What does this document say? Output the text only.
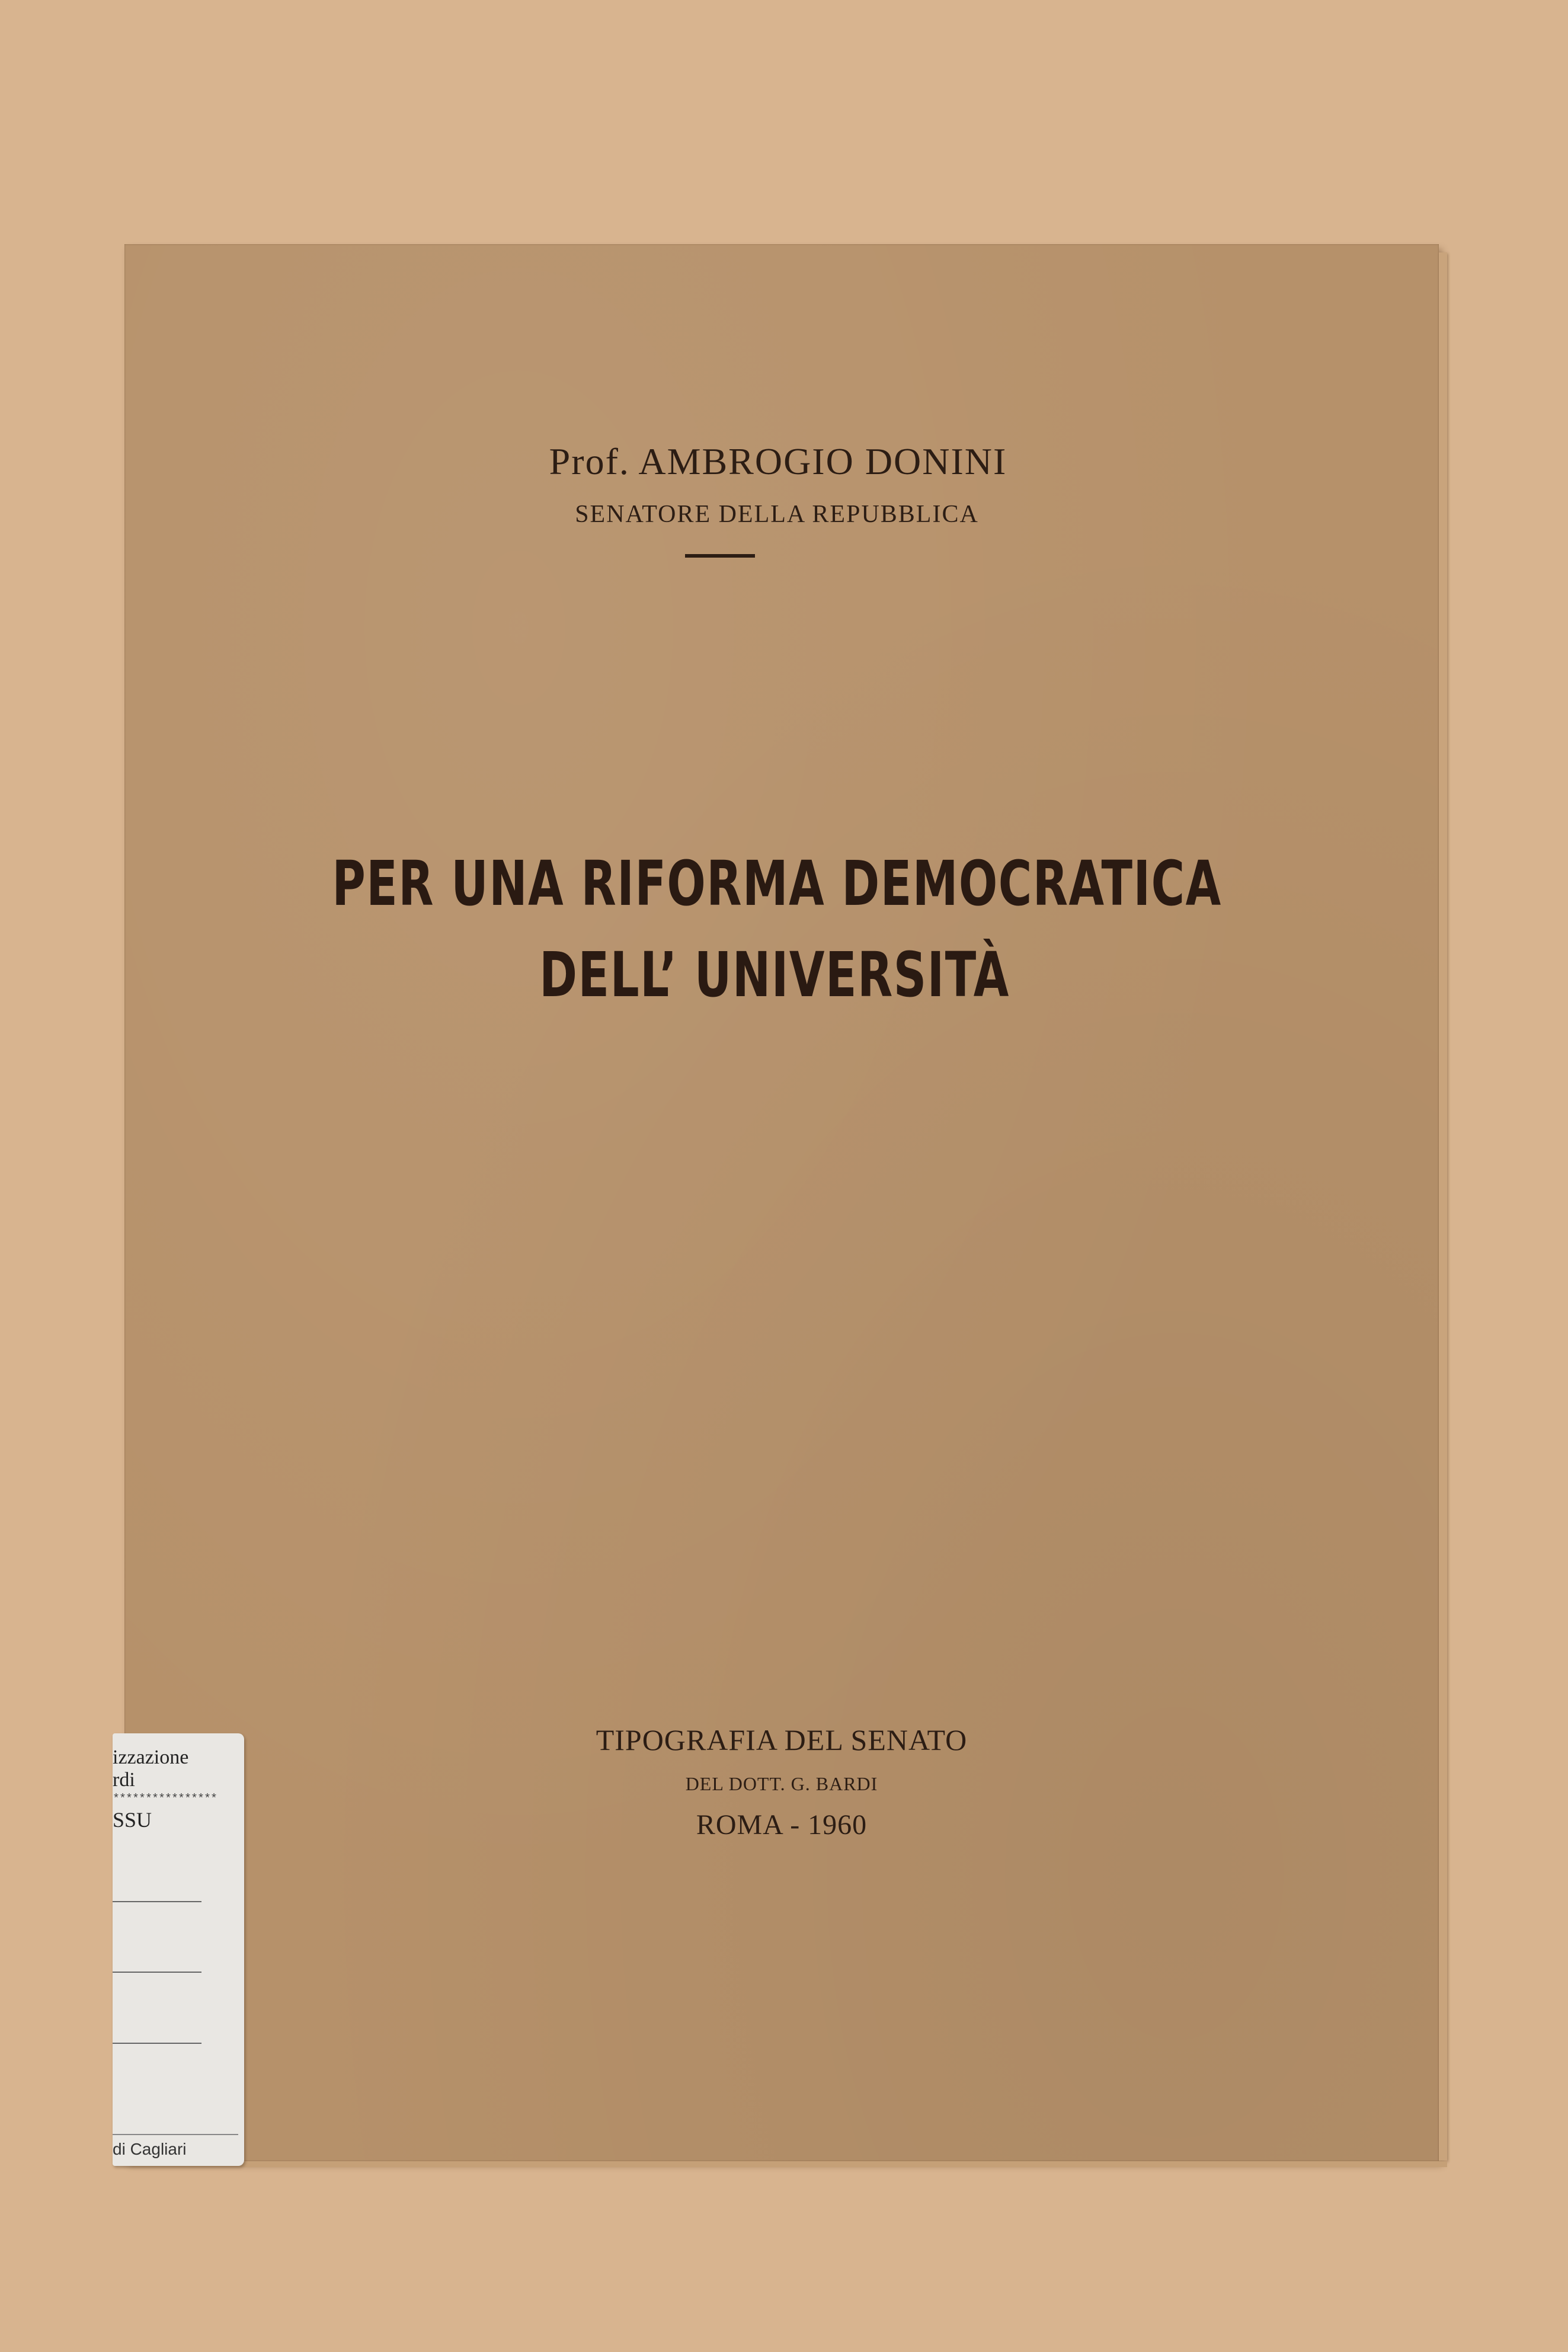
Prof. AMBROGIO DONINI
SENATORE DELLA REPUBBLICA
PER UNA RIFORMA DEMOCRATICA
DELL’ UNIVERSITÀ
TIPOGRAFIA DEL SENATO
DEL DOTT. G. BARDI
ROMA - 1960
izzazione
rdi
****************
SSU
di Cagliari
